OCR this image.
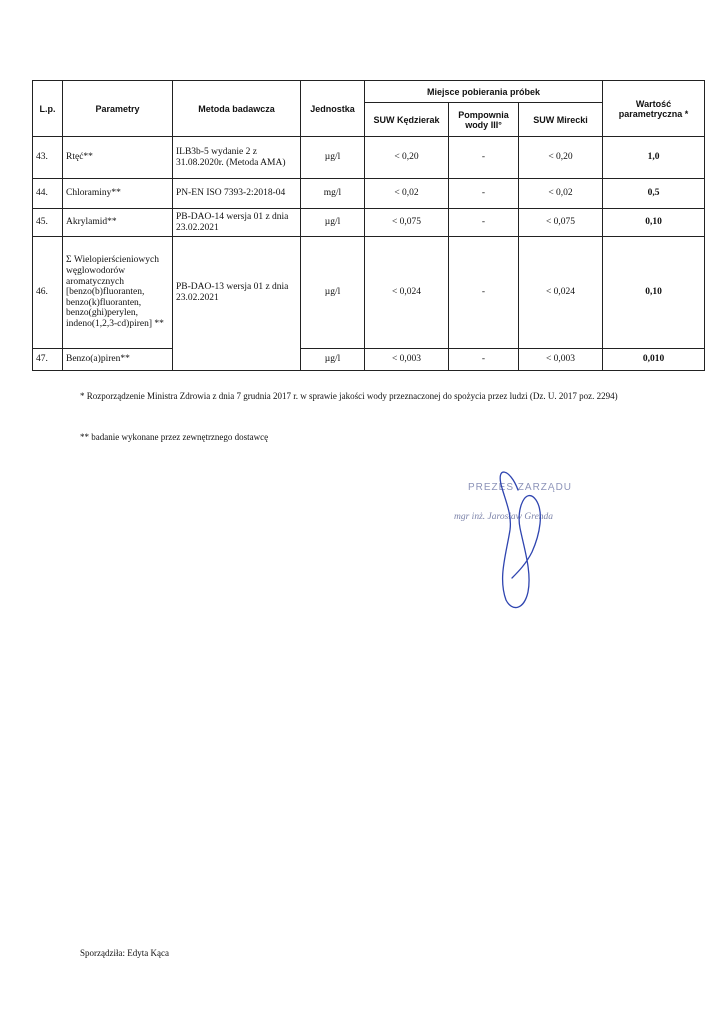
L.p.	Parametry	Metoda badawcza	Jednostka	Miejsce pobierania próbek			Wartość parametryczna *
				SUW Kędzierak	Pompownia wody III°	SUW Mirecki	
43.	Rtęć**	ILB3b-5 wydanie 2 z 31.08.2020r. (Metoda AMA)	µg/l	< 0,20	-	< 0,20	1,0
44.	Chloraminy**	PN-EN ISO 7393-2:2018-04	mg/l	< 0,02	-	< 0,02	0,5
45.	Akrylamid**	PB-DAO-14 wersja 01 z dnia 23.02.2021	µg/l	< 0,075	-	< 0,075	0,10
46.	Σ Wielopierścieniowych węglowodorów aromatycznych [benzo(b)fluoranten, benzo(k)fluoranten, benzo(ghi)perylen, indeno(1,2,3-cd)piren] **	PB-DAO-13 wersja 01 z dnia 23.02.2021	µg/l	< 0,024	-	< 0,024	0,10
47.	Benzo(a)piren**		µg/l	< 0,003	-	< 0,003	0,010
* Rozporządzenie Ministra Zdrowia z dnia 7 grudnia 2017 r. w sprawie jakości wody przeznaczonej do spożycia przez ludzi (Dz. U. 2017 poz. 2294)
** badanie wykonane przez zewnętrznego dostawcę
PREZES ZARZĄDU
mgr inż. Jarosław Grenda
Sporządziła: Edyta Kąca
